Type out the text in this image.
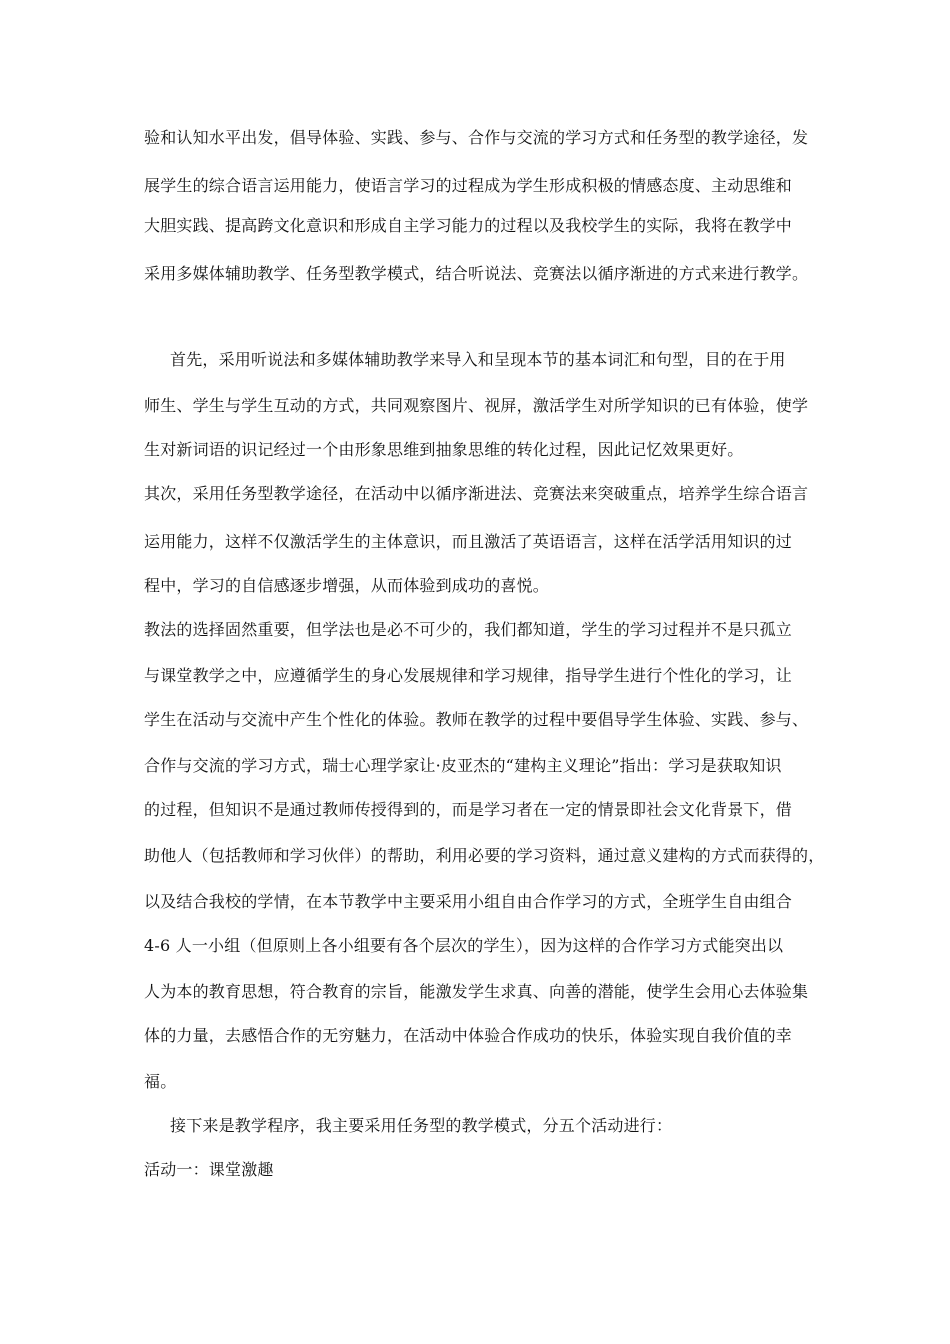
验和认知水平出发，倡导体验、实践、参与、合作与交流的学习方式和任务型的教学途径，发
展学生的综合语言运用能力，使语言学习的过程成为学生形成积极的情感态度、主动思维和
大胆实践、提高跨文化意识和形成自主学习能力的过程以及我校学生的实际，我将在教学中
采用多媒体辅助教学、任务型教学模式，结合听说法、竞赛法以循序渐进的方式来进行教学。
首先，采用听说法和多媒体辅助教学来导入和呈现本节的基本词汇和句型，目的在于用
师生、学生与学生互动的方式，共同观察图片、视屏，激活学生对所学知识的已有体验，使学
生对新词语的识记经过一个由形象思维到抽象思维的转化过程，因此记忆效果更好。
其次，采用任务型教学途径，在活动中以循序渐进法、竞赛法来突破重点，培养学生综合语言
运用能力，这样不仅激活学生的主体意识，而且激活了英语语言，这样在活学活用知识的过
程中，学习的自信感逐步增强，从而体验到成功的喜悦。
教法的选择固然重要，但学法也是必不可少的，我们都知道，学生的学习过程并不是只孤立
与课堂教学之中，应遵循学生的身心发展规律和学习规律，指导学生进行个性化的学习，让
学生在活动与交流中产生个性化的体验。教师在教学的过程中要倡导学生体验、实践、参与、
合作与交流的学习方式，瑞士心理学家让·皮亚杰的“建构主义理论”指出：学习是获取知识
的过程，但知识不是通过教师传授得到的，而是学习者在一定的情景即社会文化背景下，借
助他人（包括教师和学习伙伴）的帮助，利用必要的学习资料，通过意义建构的方式而获得的，
以及结合我校的学情，在本节教学中主要采用小组自由合作学习的方式，全班学生自由组合
4-6 人一小组（但原则上各小组要有各个层次的学生），因为这样的合作学习方式能突出以
人为本的教育思想，符合教育的宗旨，能激发学生求真、向善的潜能，使学生会用心去体验集
体的力量，去感悟合作的无穷魅力，在活动中体验合作成功的快乐，体验实现自我价值的幸
福。
接下来是教学程序，我主要采用任务型的教学模式，分五个活动进行：
活动一：课堂激趣
